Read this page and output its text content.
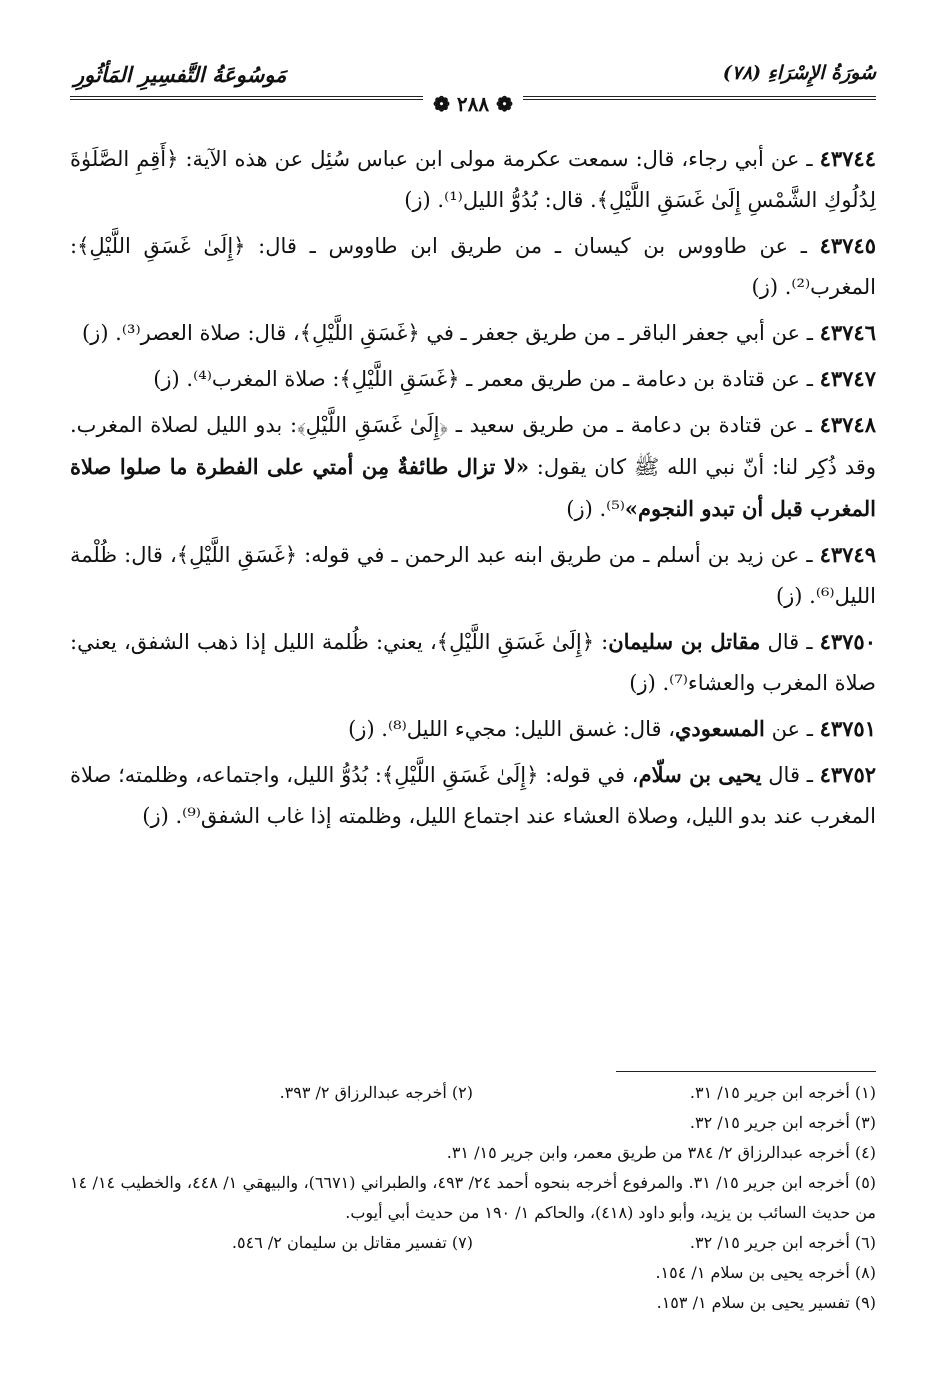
سُورَةُ الإِسْرَاءِ (٧٨)
مَوسُوعَةُ التَّفسِيرِ المَأثُورِ
❁ ٢٨٨ ❁

٤٣٧٤٤ ـ عن أبي رجاء، قال: سمعت عكرمة مولى ابن عباس سُئِل عن هذه الآية: ﴿أَقِمِ الصَّلَوٰةَ لِدُلُوكِ الشَّمْسِ إِلَىٰ غَسَقِ اللَّيْلِ﴾. قال: بُدُوُّ الليل⁽¹⁾. (ز)

٤٣٧٤٥ ـ عن طاووس بن كيسان ـ من طريق ابن طاووس ـ قال: ﴿إِلَىٰ غَسَقِ اللَّيْلِ﴾: المغرب⁽²⁾. (ز)

٤٣٧٤٦ ـ عن أبي جعفر الباقر ـ من طريق جعفر ـ في ﴿غَسَقِ اللَّيْلِ﴾، قال: صلاة العصر⁽³⁾. (ز)

٤٣٧٤٧ ـ عن قتادة بن دعامة ـ من طريق معمر ـ ﴿غَسَقِ اللَّيْلِ﴾: صلاة المغرب⁽⁴⁾. (ز)

٤٣٧٤٨ ـ عن قتادة بن دعامة ـ من طريق سعيد ـ ﴿إِلَىٰ غَسَقِ اللَّيْلِ﴾: بدو الليل لصلاة المغرب. وقد ذُكِر لنا: أنّ نبي الله ﷺ كان يقول: «لا تزال طائفةٌ مِن أمتي على الفطرة ما صلوا صلاة المغرب قبل أن تبدو النجوم»⁽⁵⁾. (ز)

٤٣٧٤٩ ـ عن زيد بن أسلم ـ من طريق ابنه عبد الرحمن ـ في قوله: ﴿غَسَقِ اللَّيْلِ﴾، قال: ظُلْمة الليل⁽⁶⁾. (ز)

٤٣٧٥٠ ـ قال مقاتل بن سليمان: ﴿إِلَىٰ غَسَقِ اللَّيْلِ﴾، يعني: ظُلمة الليل إذا ذهب الشفق، يعني: صلاة المغرب والعشاء⁽⁷⁾. (ز)

٤٣٧٥١ ـ عن المسعودي، قال: غسق الليل: مجيء الليل⁽⁸⁾. (ز)

٤٣٧٥٢ ـ قال يحيى بن سلّام، في قوله: ﴿إِلَىٰ غَسَقِ اللَّيْلِ﴾: بُدُوُّ الليل، واجتماعه، وظلمته؛ صلاة المغرب عند بدو الليل، وصلاة العشاء عند اجتماع الليل، وظلمته إذا غاب الشفق⁽⁹⁾. (ز)

(١) أخرجه ابن جرير ١٥/ ٣١.
(٢) أخرجه عبدالرزاق ٢/ ٣٩٣.
(٣) أخرجه ابن جرير ١٥/ ٣٢.
(٤) أخرجه عبدالرزاق ٢/ ٣٨٤ من طريق معمر، وابن جرير ١٥/ ٣١.
(٥) أخرجه ابن جرير ١٥/ ٣١. والمرفوع أخرجه بنحوه أحمد ٢٤/ ٤٩٣، والطبراني (٦٦٧١)، والبيهقي ١/ ٤٤٨، والخطيب ١٤/ ١٤ من حديث السائب بن يزيد، وأبو داود (٤١٨)، والحاكم ١/ ١٩٠ من حديث أبي أيوب.
(٦) أخرجه ابن جرير ١٥/ ٣٢.
(٧) تفسير مقاتل بن سليمان ٢/ ٥٤٦.
(٨) أخرجه يحيى بن سلام ١/ ١٥٤.
(٩) تفسير يحيى بن سلام ١/ ١٥٣.
